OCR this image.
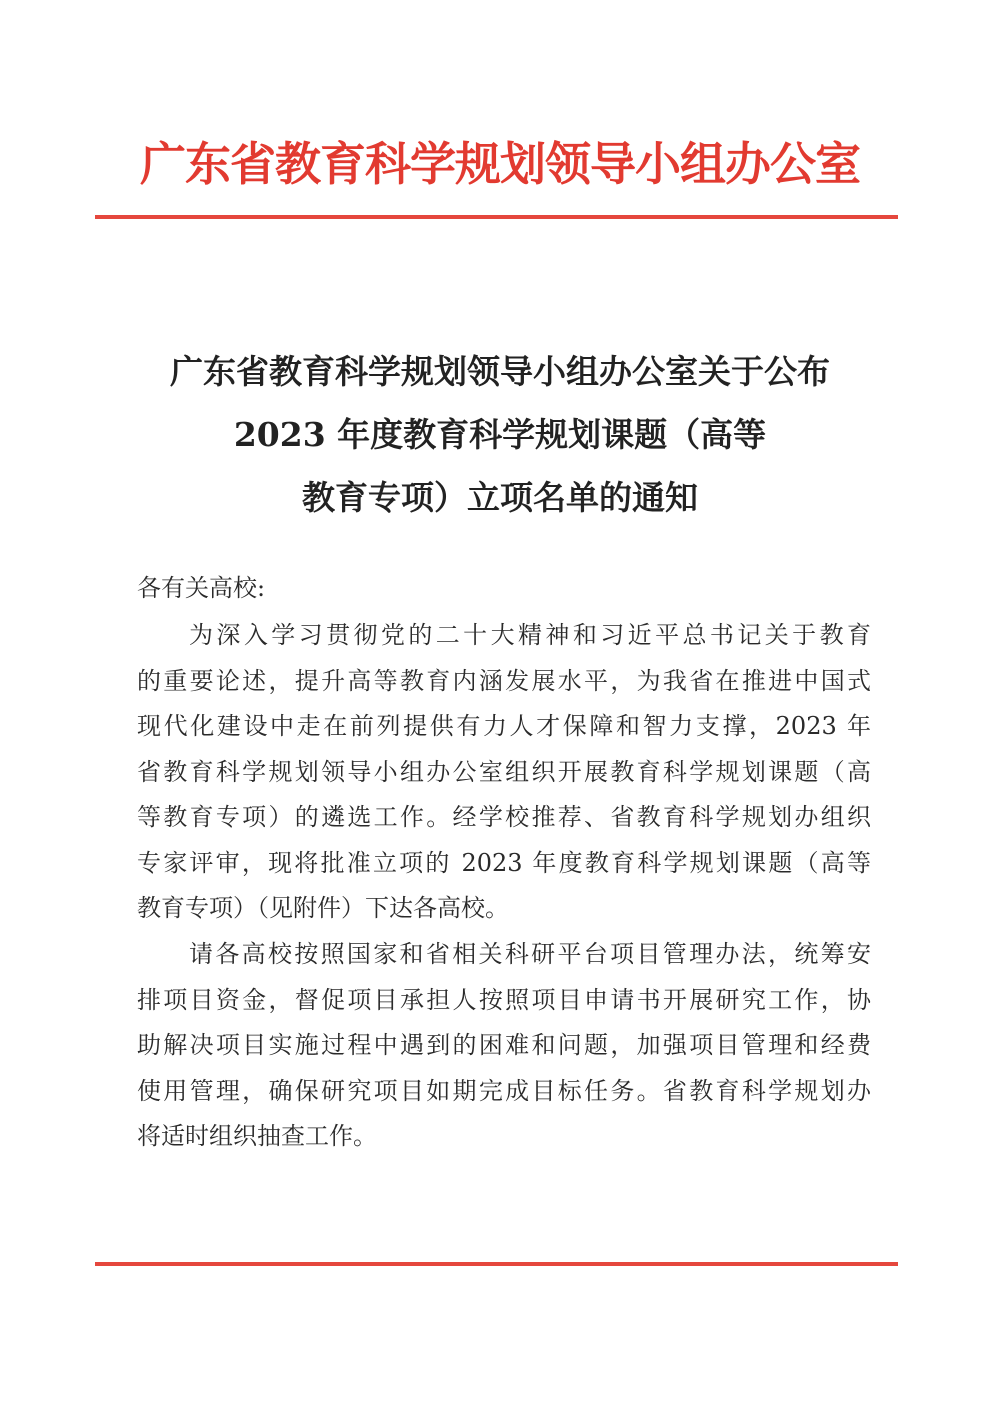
广东省教育科学规划领导小组办公室
广东省教育科学规划领导小组办公室关于公布
2023 年度教育科学规划课题（高等
教育专项）立项名单的通知
各有关高校:
为深入学习贯彻党的二十大精神和习近平总书记关于教育
的重要论述，提升高等教育内涵发展水平，为我省在推进中国式
现代化建设中走在前列提供有力人才保障和智力支撑，2023 年
省教育科学规划领导小组办公室组织开展教育科学规划课题（高
等教育专项）的遴选工作。经学校推荐、省教育科学规划办组织
专家评审，现将批准立项的 2023 年度教育科学规划课题（高等
教育专项）（见附件）下达各高校。
请各高校按照国家和省相关科研平台项目管理办法，统筹安
排项目资金，督促项目承担人按照项目申请书开展研究工作，协
助解决项目实施过程中遇到的困难和问题，加强项目管理和经费
使用管理，确保研究项目如期完成目标任务。省教育科学规划办
将适时组织抽查工作。
